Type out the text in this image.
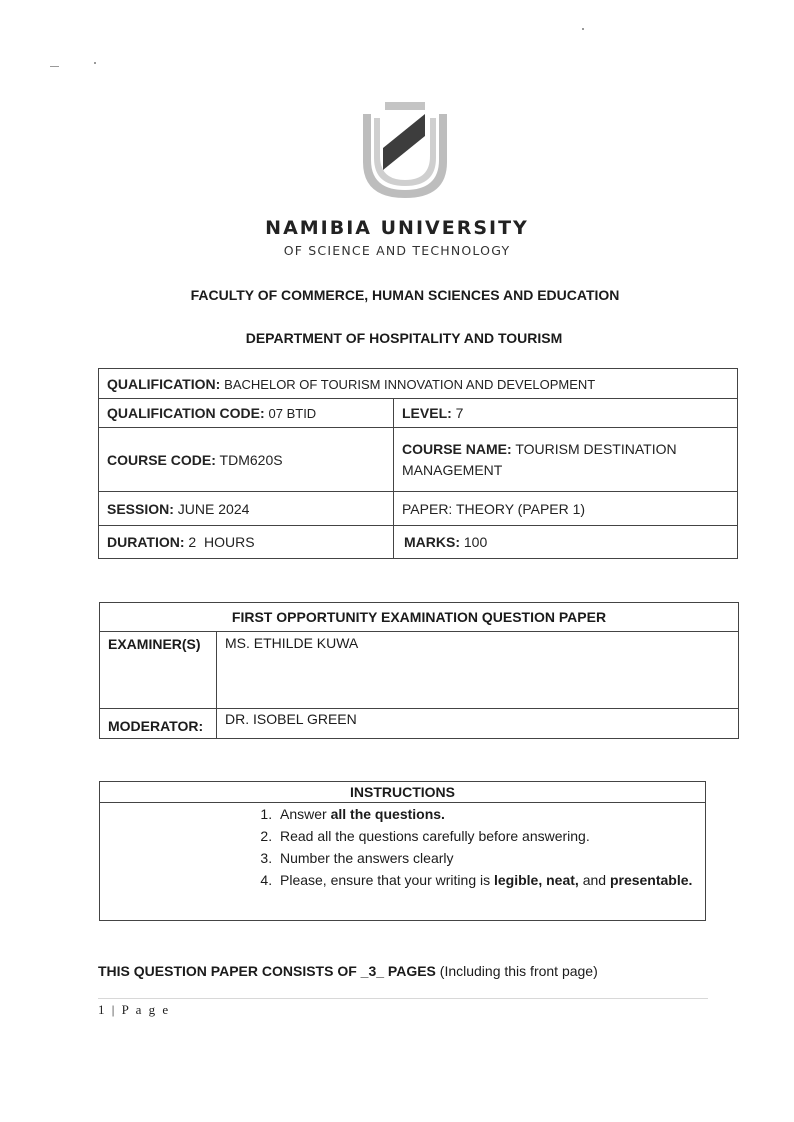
NAMIBIA UNIVERSITY
OF SCIENCE AND TECHNOLOGY
FACULTY OF COMMERCE, HUMAN SCIENCES AND EDUCATION
DEPARTMENT OF HOSPITALITY AND TOURISM
QUALIFICATION: BACHELOR OF TOURISM INNOVATION AND DEVELOPMENT	
QUALIFICATION CODE: 07 BTID	LEVEL: 7
COURSE CODE: TDM620S	COURSE NAME: TOURISM DESTINATION
MANAGEMENT
SESSION: JUNE 2024	PAPER: THEORY (PAPER 1)
DURATION: 2  HOURS	MARKS: 100
FIRST OPPORTUNITY EXAMINATION QUESTION PAPER	
EXAMINER(S)	MS. ETHILDE KUWA
MODERATOR:	DR. ISOBEL GREEN
INSTRUCTIONS

1. Answer all the questions.
2. Read all the questions carefully before answering.
3. Number the answers clearly
4. Please, ensure that your writing is legible, neat, and presentable.
THIS QUESTION PAPER CONSISTS OF _3_ PAGES (Including this front page)
1 | P a g e
